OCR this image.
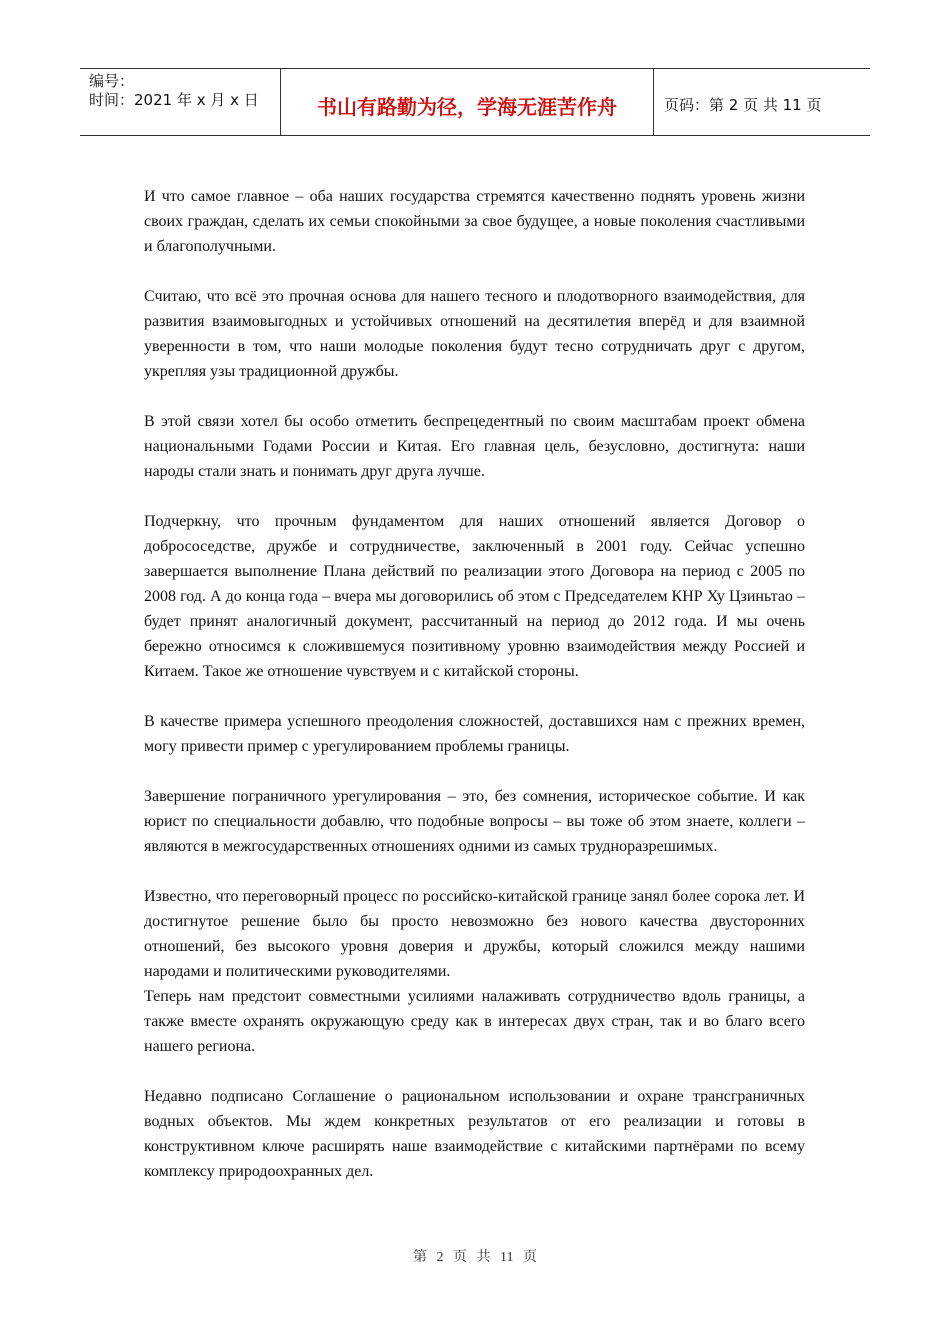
编号：
时间：2021 年 x 月 x 日	书山有路勤为径，学海无涯苦作舟	页码：第 2 页 共 11 页

И что самое главное – оба наших государства стремятся качественно поднять уровень жизни своих граждан, сделать их семьи спокойными за свое будущее, а новые поколения счастливыми и благополучными.

Считаю, что всё это прочная основа для нашего тесного и плодотворного взаимодействия, для развития взаимовыгодных и устойчивых отношений на десятилетия вперёд и для взаимной уверенности в том, что наши молодые поколения будут тесно сотрудничать друг с другом, укрепляя узы традиционной дружбы.

В этой связи хотел бы особо отметить беспрецедентный по своим масштабам проект обмена национальными Годами России и Китая. Его главная цель, безусловно, достигнута: наши народы стали знать и понимать друг друга лучше.

Подчеркну, что прочным фундаментом для наших отношений является Договор о добрососедстве, дружбе и сотрудничестве, заключенный в 2001 году. Сейчас успешно завершается выполнение Плана действий по реализации этого Договора на период с 2005 по 2008 год. А до конца года – вчера мы договорились об этом с Председателем КНР Ху Цзиньтао – будет принят аналогичный документ, рассчитанный на период до 2012 года. И мы очень бережно относимся к сложившемуся позитивному уровню взаимодействия между Россией и Китаем. Такое же отношение чувствуем и с китайской стороны.

В качестве примера успешного преодоления сложностей, доставшихся нам с прежних времен, могу привести пример с урегулированием проблемы границы.

Завершение пограничного урегулирования – это, без сомнения, историческое событие. И как юрист по специальности добавлю, что подобные вопросы – вы тоже об этом знаете, коллеги – являются в межгосударственных отношениях одними из самых трудноразрешимых.

Известно, что переговорный процесс по российско-китайской границе занял более сорока лет. И достигнутое решение было бы просто невозможно без нового качества двусторонних отношений, без высокого уровня доверия и дружбы, который сложился между нашими народами и политическими руководителями.

Теперь нам предстоит совместными усилиями налаживать сотрудничество вдоль границы, а также вместе охранять окружающую среду как в интересах двух стран, так и во благо всего нашего региона.

Недавно подписано Соглашение о рациональном использовании и охране трансграничных водных объектов. Мы ждем конкретных результатов от его реализации и готовы в конструктивном ключе расширять наше взаимодействие с китайскими партнёрами по всему комплексу природоохранных дел.

第 2 页 共 11 页
